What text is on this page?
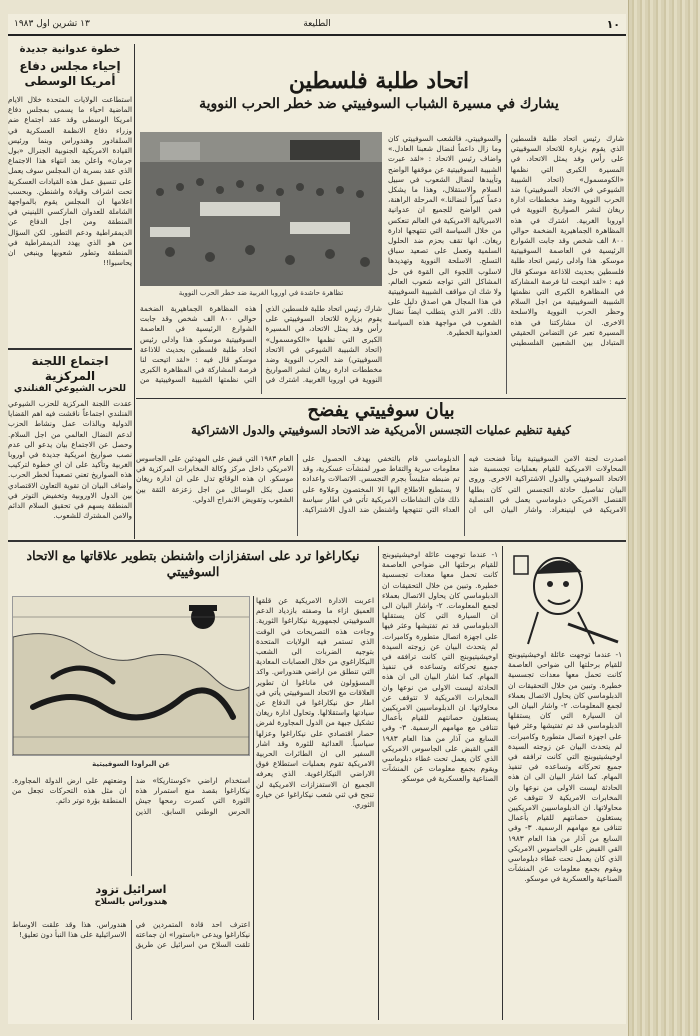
١٠
الطليعة
١٣ تشرين اول ١٩٨٣
خطوة عدوانية جديدة
إحياء مجلس دفاع أمريكا الوسطى
استطاعت الولايات المتحدة خلال الايام الماضية احياء ما يسمى بمجلس دفاع امريكا الوسطى وقد عقد اجتماع ضم وزراء دفاع الانظمة العسكرية في السلفادور وهندوراس وبنما ورئيس القيادة الامريكية الجنوبية الجنرال «بول جرمان» واعلن بعد انتهاء هذا الاجتماع الذي عقد بسرية ان المجلس سوف يعمل على تنسيق عمل هذه القيادات العسكرية تحت اشراف وقيادة واشنطن. وبحسب اعلامها ان المجلس يقوم بالمواجهة الشاملة للعدوان الماركسي اللينيني في المنطقة ومن اجل الدفاع عن الديمقراطية ودعم التطور. لكن السؤال من هو الذي يهدد الديمقراطية في المنطقة وتطور شعوبها وينبغي ان يحاسبوا!!
اجتماع اللجنة المركزية
للحزب الشيوعي الفنلندي
عقدت اللجنة المركزية للحزب الشيوعي الفنلندي اجتماعاً ناقشت فيه اهم القضايا الدولية وبالذات عمل ونشاط الحزب لدعم النضال العالمي من اجل السلام. وحصل عن الاجتماع بيان يدعو الى عدم نصب صواريخ امريكية جديدة في اوروبا الغربية وتأكيد على ان اي خطوة لتركيب هذه الصواريخ تعني تصعيداً لخطر الحرب. واضاف البيان ان تقوية التعاون الاقتصادي بين الدول الاوروبية وتخفيض التوتر في المنطقة يسهم في تحقيق السلام الدائم والامن المشترك للشعوب.
اتحاد طلبة فلسطين
يشارك في مسيرة الشباب السوفييتي ضد خطر الحرب النووية
تظاهرة حاشدة في اوروبا الغربية ضد خطر الحرب النووية
شارك رئيس اتحاد طلبة فلسطين الذي يقوم بزيارة للاتحاد السوفييتي على رأس وفد يمثل الاتحاد، في المسيرة الكبرى التي نظمها «الكومسمول» (اتحاد الشبيبة الشيوعي في الاتحاد السوفييتي) ضد الحرب النووية وضد مخططات ادارة ريغان لنشر الصواريخ النووية في اوروبا الغربية. اشترك في هذه المظاهرة الجماهيرية الضخمة حوالي ٨٠٠ الف شخص وقد جابت الشوارع الرئيسية في العاصمة السوفييتية موسكو. هذا وادلى رئيس اتحاد طلبة فلسطين بحديث للاذاعة موسكو قال فيه : «لقد اتيحت لنا فرصة المشاركة في المظاهرة الكبرى التي نظمتها الشبيبة السوفييتية من
شارك رئيس اتحاد طلبة فلسطين الذي يقوم بزيارة للاتحاد السوفييتي على رأس وفد يمثل الاتحاد، في المسيرة الكبرى التي نظمها «الكومسمول» (اتحاد الشبيبة الشيوعي في الاتحاد السوفييتي) ضد الحرب النووية وضد مخططات ادارة ريغان لنشر الصواريخ النووية في اوروبا الغربية. اشترك في هذه المظاهرة الجماهيرية الضخمة حوالي ٨٠٠ الف شخص وقد جابت الشوارع الرئيسية في العاصمة السوفييتية موسكو. هذا وادلى رئيس اتحاد طلبة فلسطين بحديث للاذاعة موسكو قال فيه : «لقد اتيحت لنا فرصة المشاركة في المظاهرة الكبرى التي نظمتها الشبيبة السوفييتية من اجل السلام وحظر الحرب النووية والاسلحة الاخرى. ان مشاركتنا في هذه المسيرة تعبر عن التضامن الحقيقي المتبادل بين الشعبين الفلسطيني والسوفييتي، فالشعب السوفييتي كان وما زال داعماً لنضال شعبنا العادل.» واضاف رئيس الاتحاد : «لقد عبرت الشبيبة السوفييتية عن موقفها الواضح وتأييدها لنضال الشعوب في سبيل السلام والاستقلال، وهذا ما يشكل دعماً كبيراً لنضالنا.» المرحلة الراهنة، فمن الواضح للجميع ان عدوانية الامبريالية الامريكية في العالم تنعكس من خلال السياسة التي تنتهجها ادارة ريغان. انها تقف بحزم ضد الحلول السلمية وتعمل على تصعيد سباق التسلح. الاسلحة النووية وتهديدها لاسلوب اللجوء الى القوة في حل المشاكل التي تواجه شعوب العالم. ولا شك ان مواقف الشبيبة السوفييتية في هذا المجال هي اصدق دليل على ذلك. الامر الذي يتطلب ايضاً نضال الشعوب في مواجهة هذه السياسة العدوانية الخطيرة.
بيان سوفييتي يفضح
كيفية تنظيم عمليات التجسس الأمريكية ضد الاتحاد السوفييتي والدول الاشتراكية
اصدرت لجنة الامن السوفييتية بياناً فضحت فيه المحاولات الامريكية للقيام بعمليات تجسسية ضد الاتحاد السوفييتي والدول الاشتراكية الاخرى. وروى البيان تفاصيل حادثة التجسس التي كان بطلها القنصل الامريكي دبلوماسي يعمل في القنصلية الامريكية في لينينغراد. واشار البيان الى ان الدبلوماسي قام بالتخفي بهدف الحصول على معلومات سرية والتقاط صور لمنشآت عسكرية، وقد تم ضبطه متلبساً بجرم التجسس. الاتصالات واعداده لا يستطيع الاطلاع اليها الا المختصون وعلاوة على ذلك فان النشاطات الامريكية تأتي في اطار سياسة العداء التي تنتهجها واشنطن ضد الدول الاشتراكية. العام ١٩٨٣ التي قبض على المهدئين على الجاسوس الامريكي داخل مركز وكالة المخابرات المركزية في موسكو. ان هذه الوقائع تدل على ان ادارة ريغان تعمل بكل الوسائل من اجل زعزعة الثقة بين الشعوب وتقويض الانفراج الدولي.
١- عندما توجهت عائلة اوخيشيتيوبنج للقيام برحلتها الى ضواحي العاصمة كانت تحمل معها معدات تجسسية خطيرة. وتبين من خلال التحقيقات ان الدبلوماسي كان يحاول الاتصال بعملاء لجمع المعلومات. ٢- واشار البيان الى ان السيارة التي كان يستقلها الدبلوماسي قد تم تفتيشها وعثر فيها على اجهزة اتصال متطورة وكاميرات. لم يتحدث البيان عن زوجته السيدة اوخيشيتيوبنج التي كانت ترافقه في جميع تحركاته وتساعده في تنفيذ المهام. كما اشار البيان الى ان هذه الحادثة ليست الاولى من نوعها وان المخابرات الامريكية لا تتوقف عن محاولاتها. ان الدبلوماسيين الامريكيين يستغلون حصانتهم للقيام بأعمال تتنافى مع مهامهم الرسمية. ٣- وفي السابع من آذار من هذا العام ١٩٨٣ القي القبض على الجاسوس الامريكي الذي كان يعمل تحت غطاء دبلوماسي ويقوم بجمع معلومات عن المنشآت الصناعية والعسكرية في موسكو.
١- عندما توجهت عائلة اوخيشيتيوبنج للقيام برحلتها الى ضواحي العاصمة كانت تحمل معها معدات تجسسية خطيرة. وتبين من خلال التحقيقات ان الدبلوماسي كان يحاول الاتصال بعملاء لجمع المعلومات. ٢- واشار البيان الى ان السيارة التي كان يستقلها الدبلوماسي قد تم تفتيشها وعثر فيها على اجهزة اتصال متطورة وكاميرات. لم يتحدث البيان عن زوجته السيدة اوخيشيتيوبنج التي كانت ترافقه في جميع تحركاته وتساعده في تنفيذ المهام. كما اشار البيان الى ان هذه الحادثة ليست الاولى من نوعها وان المخابرات الامريكية لا تتوقف عن محاولاتها. ان الدبلوماسيين الامريكيين يستغلون حصانتهم للقيام بأعمال تتنافى مع مهامهم الرسمية. ٣- وفي السابع من آذار من هذا العام ١٩٨٣ القي القبض على الجاسوس الامريكي الذي كان يعمل تحت غطاء دبلوماسي ويقوم بجمع معلومات عن المنشآت الصناعية والعسكرية في موسكو.
نيكاراغوا ترد على استفزازات واشنطن بتطوير علاقاتها مع الاتحاد السوفييتي
عن البراودا السوفييتية
اعربت الادارة الامريكية عن قلقها العميق ازاء ما وصفته بازدياد الدعم السوفييتي لجمهورية نيكاراغوا الثورية. وجاءت هذه التصريحات في الوقت الذي تستمر فيه الولايات المتحدة بتوجيه الضربات الى الشعب النيكاراغوي من خلال العصابات المعادية التي تنطلق من اراضي هندوراس. واكد المسؤولون في ماناغوا ان تطوير العلاقات مع الاتحاد السوفييتي يأتي في اطار حق نيكاراغوا في الدفاع عن سيادتها واستقلالها. وتحاول ادارة ريغان تشكيل جبهة من الدول المجاورة لفرض حصار اقتصادي على نيكاراغوا وعزلها سياسياً. العدائية للثورة وقد اشار السفير الى ان الطائرات الحربية الامريكية تقوم بعمليات استطلاع فوق الاراضي النيكاراغوية. الذي يعرفه الجميع ان الاستفزازات الامريكية لن تنجح في ثني شعب نيكاراغوا عن خياره الثوري.
استخدام اراضي «كوستاريكا» ضد نيكاراغوا بقصد منع استمرار هذه الثورة التي كسرت رمحها جيش الحرس الوطني السابق. الذين وضعتهم على ارض الدولة المجاورة. ان مثل هذه التحركات تجعل من المنطقة بؤرة توتر دائم.
اسرائيل تزود
هندوراس بالسلاح
اعترف احد قادة المتمردين في نيكاراغوا ويدعى «باستورا» ان جماعته تلقت السلاح من اسرائيل عن طريق هندوراس. هذا وقد علقت الاوساط الاسرائيلية على هذا النبأ دون تعليق!
